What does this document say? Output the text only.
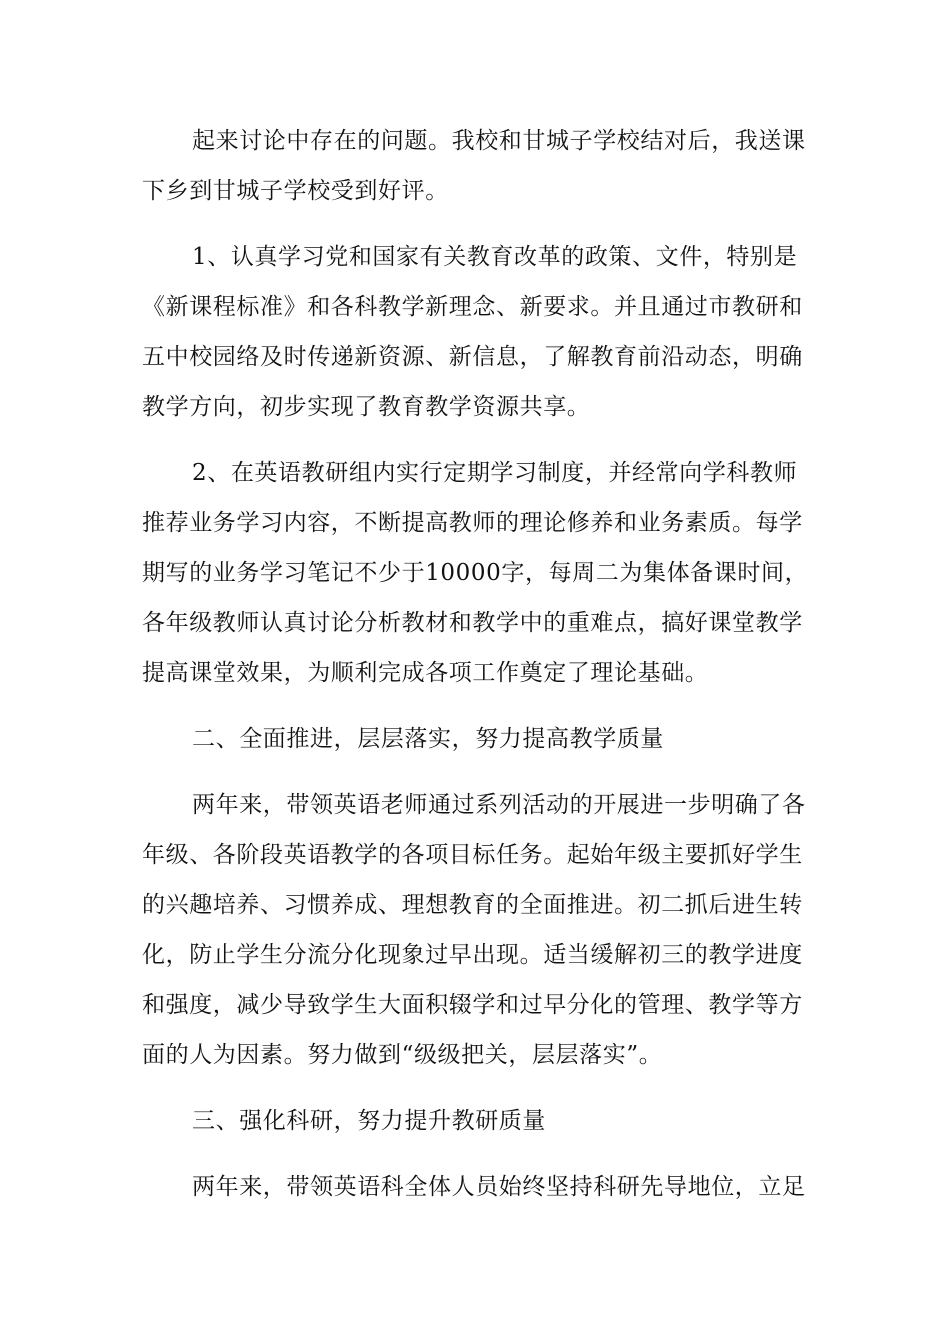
起来讨论中存在的问题。我校和甘城子学校结对后，我送课
下乡到甘城子学校受到好评。
1、认真学习党和国家有关教育改革的政策、文件，特别是
《新课程标准》和各科教学新理念、新要求。并且通过市教研和
五中校园络及时传递新资源、新信息，了解教育前沿动态，明确
教学方向，初步实现了教育教学资源共享。
2、在英语教研组内实行定期学习制度，并经常向学科教师
推荐业务学习内容，不断提高教师的理论修养和业务素质。每学
期写的业务学习笔记不少于10000字，每周二为集体备课时间，
各年级教师认真讨论分析教材和教学中的重难点，搞好课堂教学
提高课堂效果，为顺利完成各项工作奠定了理论基础。
二、全面推进，层层落实，努力提高教学质量
两年来，带领英语老师通过系列活动的开展进一步明确了各
年级、各阶段英语教学的各项目标任务。起始年级主要抓好学生
的兴趣培养、习惯养成、理想教育的全面推进。初二抓后进生转
化，防止学生分流分化现象过早出现。适当缓解初三的教学进度
和强度，减少导致学生大面积辍学和过早分化的管理、教学等方
面的人为因素。努力做到“级级把关，层层落实”。
三、强化科研，努力提升教研质量
两年来，带领英语科全体人员始终坚持科研先导地位，立足
